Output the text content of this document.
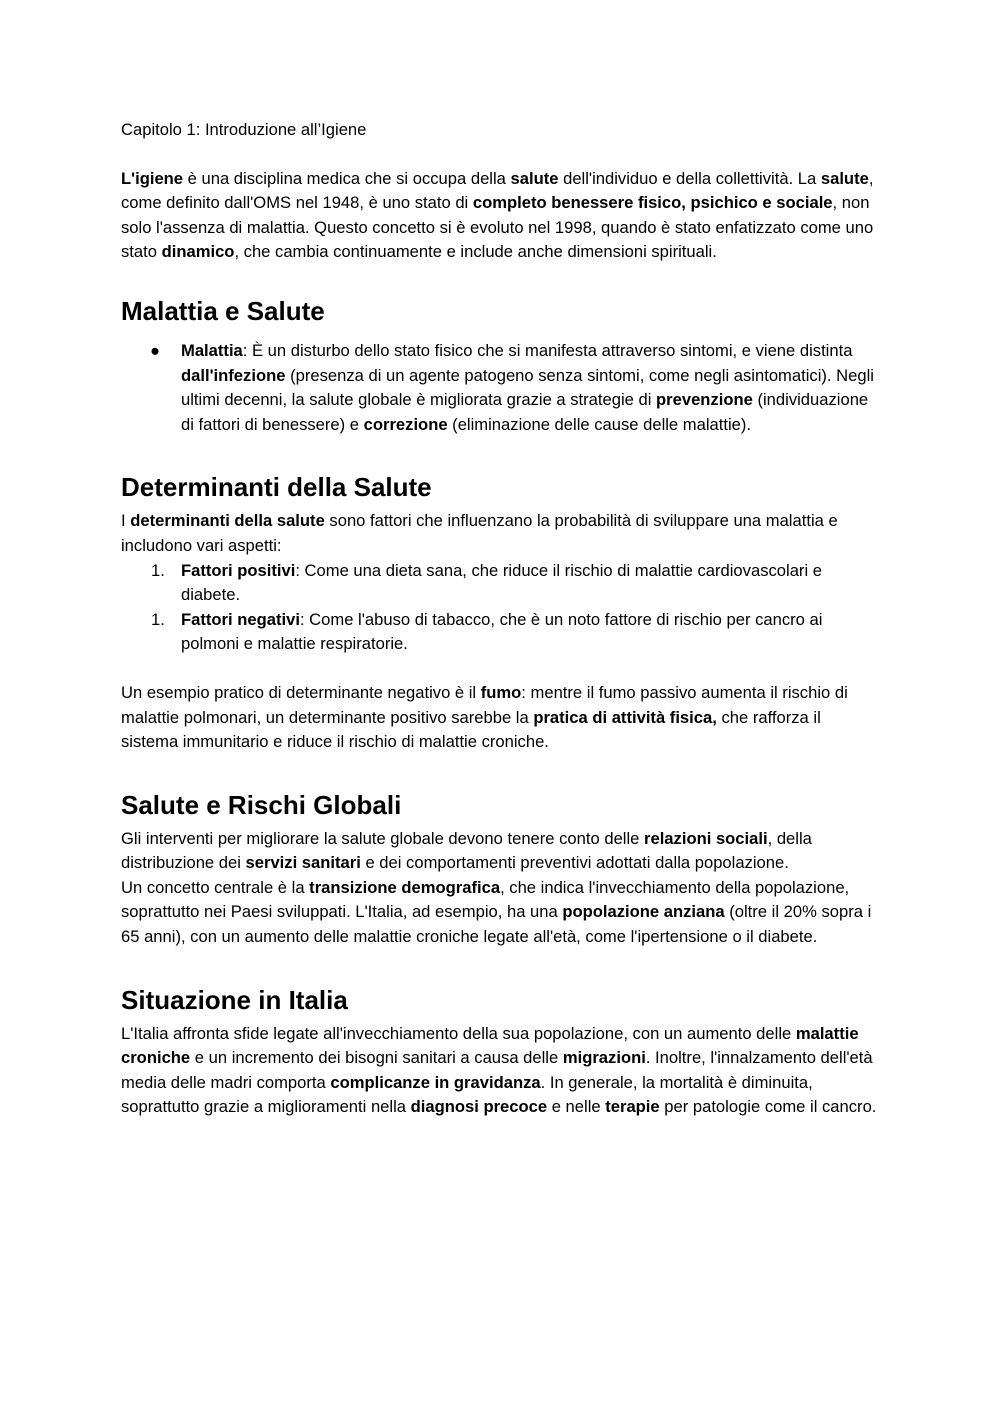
Capitolo 1: Introduzione all’Igiene

L'igiene è una disciplina medica che si occupa della salute dell'individuo e della collettività. La salute, come definito dall'OMS nel 1948, è uno stato di completo benessere fisico, psichico e sociale, non solo l'assenza di malattia. Questo concetto si è evoluto nel 1998, quando è stato enfatizzato come uno stato dinamico, che cambia continuamente e include anche dimensioni spirituali.

Malattia e Salute
● Malattia: È un disturbo dello stato fisico che si manifesta attraverso sintomi, e viene distinta dall'infezione (presenza di un agente patogeno senza sintomi, come negli asintomatici). Negli ultimi decenni, la salute globale è migliorata grazie a strategie di prevenzione (individuazione di fattori di benessere) e correzione (eliminazione delle cause delle malattie).
Determinanti della Salute

I determinanti della salute sono fattori che influenzano la probabilità di sviluppare una malattia e includono vari aspetti:

1. Fattori positivi: Come una dieta sana, che riduce il rischio di malattie cardiovascolari e diabete.
1. Fattori negativi: Come l'abuso di tabacco, che è un noto fattore di rischio per cancro ai polmoni e malattie respiratorie.

Un esempio pratico di determinante negativo è il fumo: mentre il fumo passivo aumenta il rischio di malattie polmonari, un determinante positivo sarebbe la pratica di attività fisica, che rafforza il sistema immunitario e riduce il rischio di malattie croniche.

Salute e Rischi Globali

Gli interventi per migliorare la salute globale devono tenere conto delle relazioni sociali, della distribuzione dei servizi sanitari e dei comportamenti preventivi adottati dalla popolazione.

Un concetto centrale è la transizione demografica, che indica l'invecchiamento della popolazione, soprattutto nei Paesi sviluppati. L'Italia, ad esempio, ha una popolazione anziana (oltre il 20% sopra i 65 anni), con un aumento delle malattie croniche legate all'età, come l'ipertensione o il diabete.

Situazione in Italia

L'Italia affronta sfide legate all'invecchiamento della sua popolazione, con un aumento delle malattie croniche e un incremento dei bisogni sanitari a causa delle migrazioni. Inoltre, l'innalzamento dell'età media delle madri comporta complicanze in gravidanza. In generale, la mortalità è diminuita, soprattutto grazie a miglioramenti nella diagnosi precoce e nelle terapie per patologie come il cancro.
